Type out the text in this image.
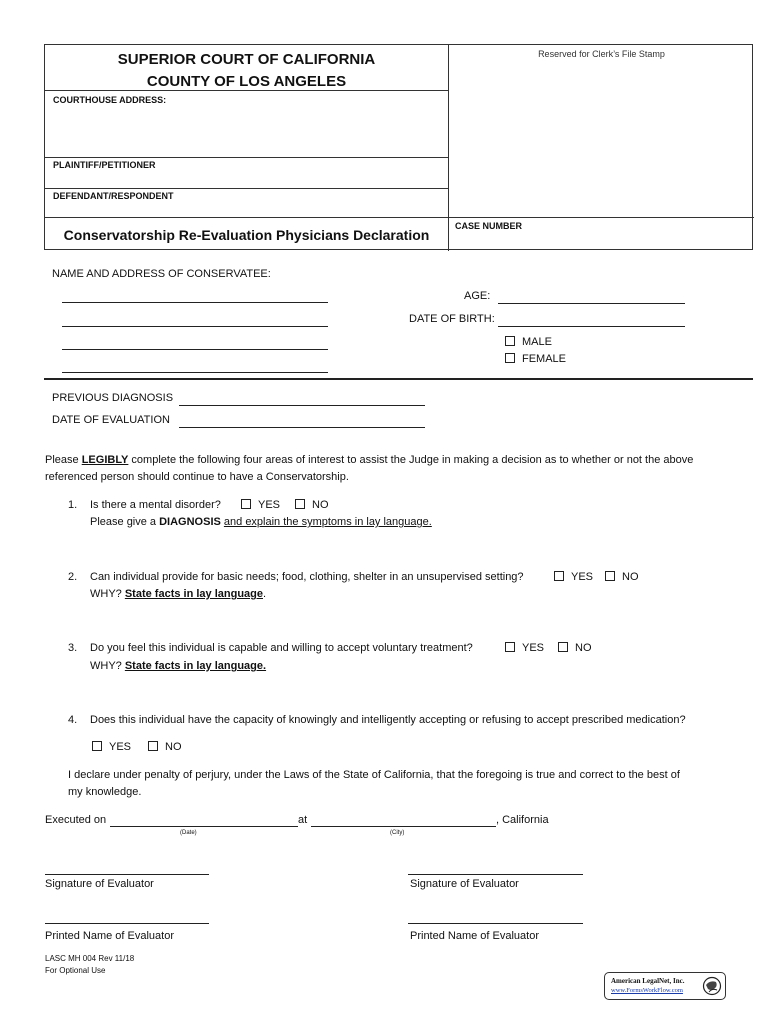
SUPERIOR COURT OF CALIFORNIA
COUNTY OF LOS ANGELES
Reserved for Clerk’s File Stamp
COURTHOUSE ADDRESS:
PLAINTIFF/PETITIONER
DEFENDANT/RESPONDENT
Conservatorship Re-Evaluation Physicians Declaration
CASE NUMBER
NAME AND ADDRESS OF CONSERVATEE:
AGE:
DATE OF BIRTH:
MALE
FEMALE
PREVIOUS DIAGNOSIS
DATE OF EVALUATION
Please LEGIBLY complete the following four areas of interest to assist the Judge in making a decision as to whether or not the above
referenced person should continue to have a Conservatorship.
1. Is there a mental disorder?	YES	NO
Please give a DIAGNOSIS and explain the symptoms in lay language.
2. Can individual provide for basic needs; food, clothing, shelter in an unsupervised setting?	YES	NO
WHY? State facts in lay language.
3. Do you feel this individual is capable and willing to accept voluntary treatment?	YES	NO
WHY? State facts in lay language.
4. Does this individual have the capacity of knowingly and intelligently accepting or refusing to accept prescribed medication?
YES	NO
I declare under penalty of perjury, under the Laws of the State of California, that the foregoing is true and correct to the best of
my knowledge.
Executed on	at	, California
(Date)	(City)
Signature of Evaluator	Signature of Evaluator
Printed Name of Evaluator	Printed Name of Evaluator
LASC MH 004 Rev 11/18
For Optional Use
American LegalNet, Inc.
www.FormsWorkFlow.com
